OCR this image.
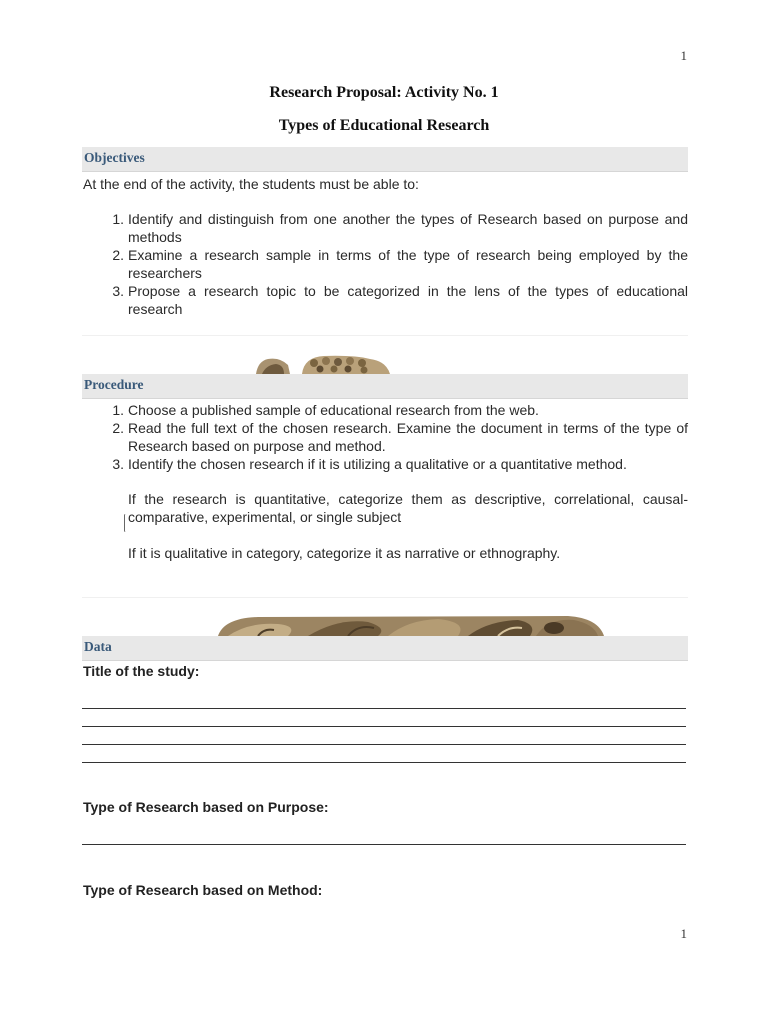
1
Research Proposal: Activity No. 1
Types of Educational Research
Objectives
At the end of the activity, the students must be able to:
1. Identify and distinguish from one another the types of Research based on purpose and methods
2. Examine a research sample in terms of the type of research being employed by the researchers
3. Propose a research topic to be categorized in the lens of the types of educational research
Procedure
1. Choose a published sample of educational research from the web.
2. Read the full text of the chosen research. Examine the document in terms of the type of Research based on purpose and method.
3. Identify the chosen research if it is utilizing a qualitative or a quantitative method.
If the research is quantitative, categorize them as descriptive, correlational, causal-comparative, experimental, or single subject
If it is qualitative in category, categorize it as narrative or ethnography.
Data
Title of the study:
Type of Research based on Purpose:
Type of Research based on Method:
1
